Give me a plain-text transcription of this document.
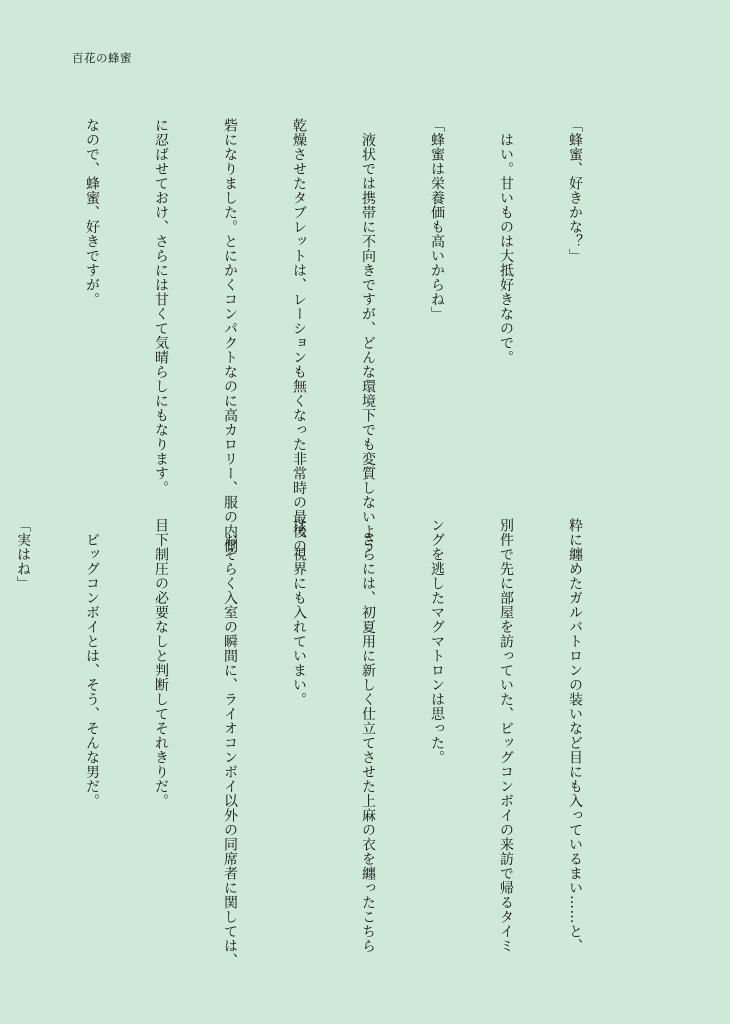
百花の蜂蜜

「蜂蜜、好きかな？」

　はい。甘いものは大抵好きなので。

「蜂蜜は栄養価も高いからね」

　液状では携帯に不向きですが、どんな環境下でも変質しないよう

乾燥させたタブレットは、レーションも無くなった非常時の最後の

砦になりました。とにかくコンパクトなのに高カロリー、服の内側

に忍ばせておけ、さらには甘くて気晴らしにもなります。

なので、蜂蜜、好きですが。

粋に纏めたガルバトロンの装いなど目にも入っているまい……と、

別件で先に部屋を訪っていた、ビッグコンボイの来訪で帰るタイミ

ングを逃したマグマトロンは思った。

　さらには、初夏用に新しく仕立てさせた上麻の衣を纏ったこちら

は、視界にも入れていまい。

　おそらく入室の瞬間に、ライオコンボイ以外の同席者に関しては、

目下制圧の必要なしと判断してそれきりだ。

　ビッグコンボイとは、そう、そんな男だ。

「実はね」
